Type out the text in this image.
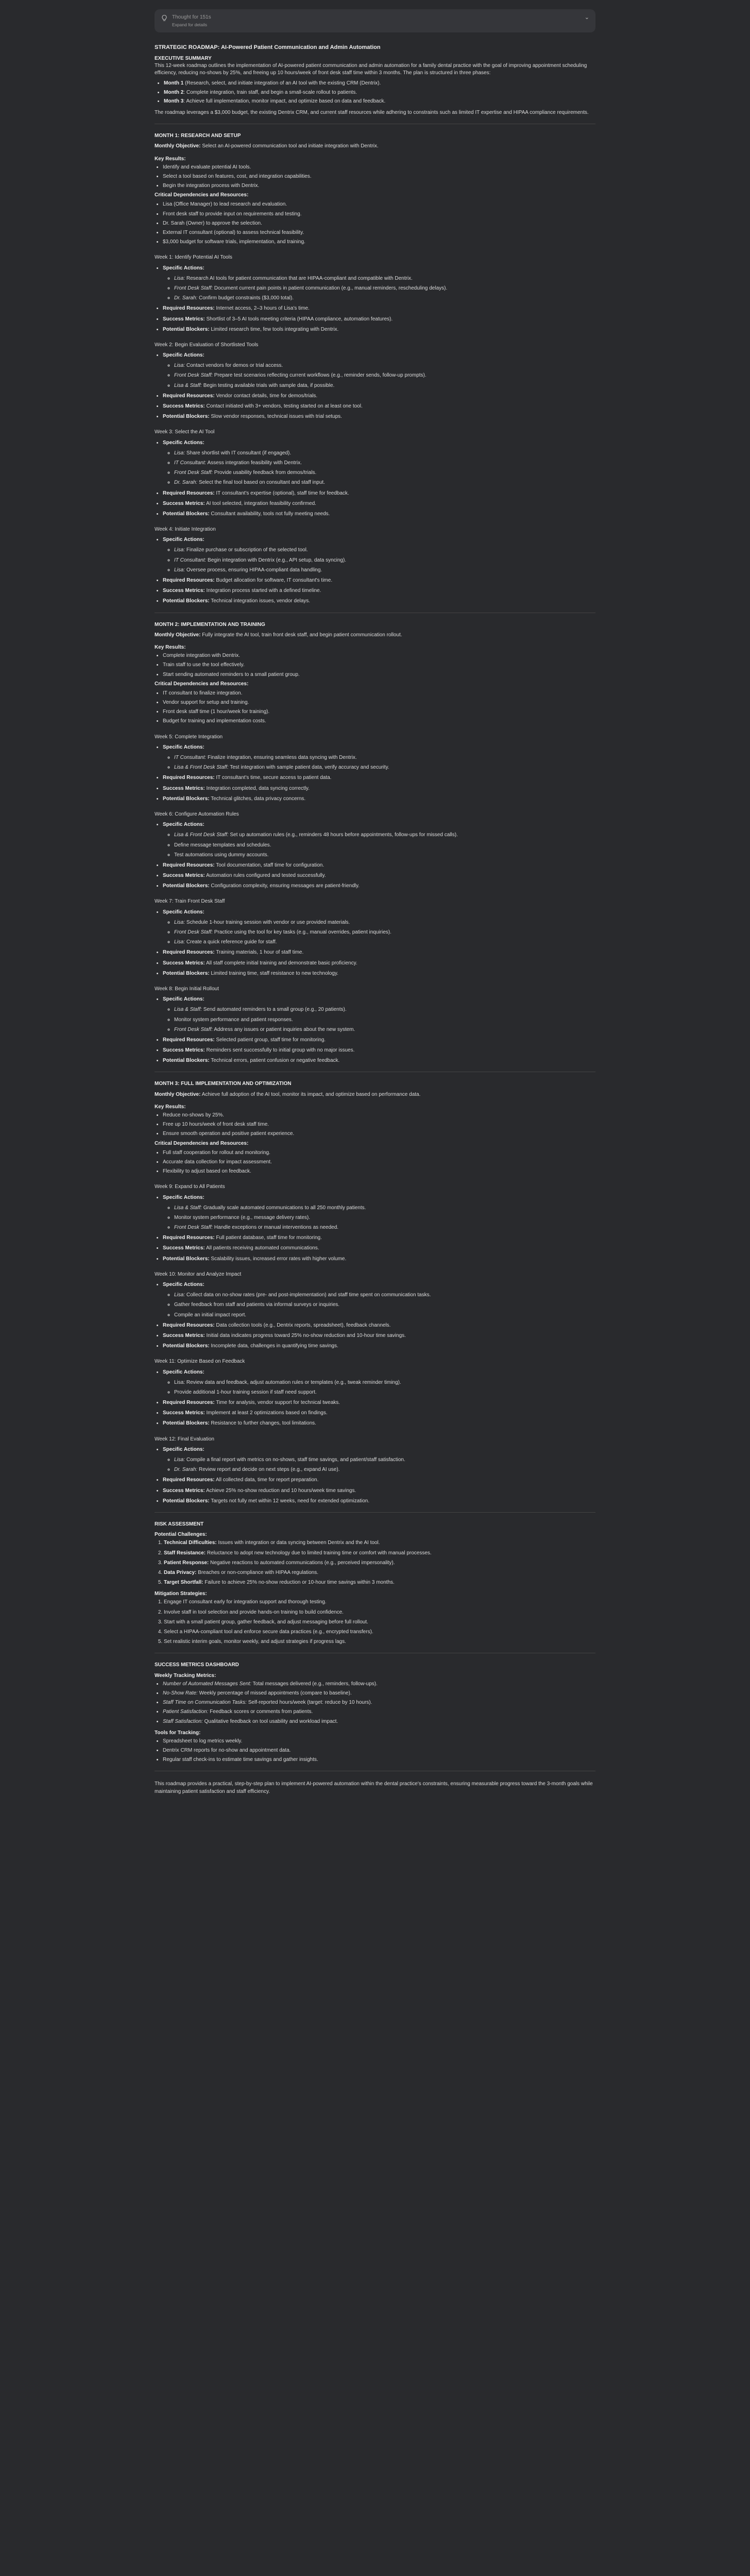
Thought for 151s
Expand for details
⌄
STRATEGIC ROADMAP: AI-Powered Patient Communication and Admin Automation
EXECUTIVE SUMMARY

This 12-week roadmap outlines the implementation of AI-powered patient communication and admin automation for a family dental practice with the goal of improving appointment scheduling efficiency, reducing no-shows by 25%, and freeing up 10 hours/week of front desk staff time within 3 months. The plan is structured in three phases:

• Month 1 (Research, select, and initiate integration of an AI tool with the existing CRM (Dentrix).
• Month 2: Complete integration, train staff, and begin a small-scale rollout to patients.
• Month 3: Achieve full implementation, monitor impact, and optimize based on data and feedback.

The roadmap leverages a $3,000 budget, the existing Dentrix CRM, and current staff resources while adhering to constraints such as limited IT expertise and HIPAA compliance requirements.

MONTH 1: RESEARCH AND SETUP

Monthly Objective: Select an AI-powered communication tool and initiate integration with Dentrix.

Key Results:
• Identify and evaluate potential AI tools.
• Select a tool based on features, cost, and integration capabilities.
• Begin the integration process with Dentrix.
Critical Dependencies and Resources:
• Lisa (Office Manager) to lead research and evaluation.
• Front desk staff to provide input on requirements and testing.
• Dr. Sarah (Owner) to approve the selection.
• External IT consultant (optional) to assess technical feasibility.
• $3,000 budget for software trials, implementation, and training.
Week 1: Identify Potential AI Tools
• Specific Actions:
◦ Lisa: Research AI tools for patient communication that are HIPAA-compliant and compatible with Dentrix.
◦ Front Desk Staff: Document current pain points in patient communication (e.g., manual reminders, rescheduling delays).
◦ Dr. Sarah: Confirm budget constraints ($3,000 total).
• Required Resources: Internet access, 2–3 hours of Lisa's time.
• Success Metrics: Shortlist of 3–5 AI tools meeting criteria (HIPAA compliance, automation features).
• Potential Blockers: Limited research time, few tools integrating with Dentrix.
Week 2: Begin Evaluation of Shortlisted Tools
• Specific Actions:
◦ Lisa: Contact vendors for demos or trial access.
◦ Front Desk Staff: Prepare test scenarios reflecting current workflows (e.g., reminder sends, follow-up prompts).
◦ Lisa & Staff: Begin testing available trials with sample data, if possible.
• Required Resources: Vendor contact details, time for demos/trials.
• Success Metrics: Contact initiated with 3+ vendors, testing started on at least one tool.
• Potential Blockers: Slow vendor responses, technical issues with trial setups.
Week 3: Select the AI Tool
• Specific Actions:
◦ Lisa: Share shortlist with IT consultant (if engaged).
◦ IT Consultant: Assess integration feasibility with Dentrix.
◦ Front Desk Staff: Provide usability feedback from demos/trials.
◦ Dr. Sarah: Select the final tool based on consultant and staff input.
• Required Resources: IT consultant's expertise (optional), staff time for feedback.
• Success Metrics: AI tool selected, integration feasibility confirmed.
• Potential Blockers: Consultant availability, tools not fully meeting needs.
Week 4: Initiate Integration
• Specific Actions:
◦ Lisa: Finalize purchase or subscription of the selected tool.
◦ IT Consultant: Begin integration with Dentrix (e.g., API setup, data syncing).
◦ Lisa: Oversee process, ensuring HIPAA-compliant data handling.
• Required Resources: Budget allocation for software, IT consultant's time.
• Success Metrics: Integration process started with a defined timeline.
• Potential Blockers: Technical integration issues, vendor delays.
MONTH 2: IMPLEMENTATION AND TRAINING

Monthly Objective: Fully integrate the AI tool, train front desk staff, and begin patient communication rollout.

Key Results:
• Complete integration with Dentrix.
• Train staff to use the tool effectively.
• Start sending automated reminders to a small patient group.
Critical Dependencies and Resources:
• IT consultant to finalize integration.
• Vendor support for setup and training.
• Front desk staff time (1 hour/week for training).
• Budget for training and implementation costs.
Week 5: Complete Integration
• Specific Actions:
◦ IT Consultant: Finalize integration, ensuring seamless data syncing with Dentrix.
◦ Lisa & Front Desk Staff: Test integration with sample patient data, verify accuracy and security.
• Required Resources: IT consultant's time, secure access to patient data.
• Success Metrics: Integration completed, data syncing correctly.
• Potential Blockers: Technical glitches, data privacy concerns.
Week 6: Configure Automation Rules
• Specific Actions:
◦ Lisa & Front Desk Staff: Set up automation rules (e.g., reminders 48 hours before appointments, follow-ups for missed calls).
◦ Define message templates and schedules.
◦ Test automations using dummy accounts.
• Required Resources: Tool documentation, staff time for configuration.
• Success Metrics: Automation rules configured and tested successfully.
• Potential Blockers: Configuration complexity, ensuring messages are patient-friendly.
Week 7: Train Front Desk Staff
• Specific Actions:
◦ Lisa: Schedule 1-hour training session with vendor or use provided materials.
◦ Front Desk Staff: Practice using the tool for key tasks (e.g., manual overrides, patient inquiries).
◦ Lisa: Create a quick reference guide for staff.
• Required Resources: Training materials, 1 hour of staff time.
• Success Metrics: All staff complete initial training and demonstrate basic proficiency.
• Potential Blockers: Limited training time, staff resistance to new technology.
Week 8: Begin Initial Rollout
• Specific Actions:
◦ Lisa & Staff: Send automated reminders to a small group (e.g., 20 patients).
◦ Monitor system performance and patient responses.
◦ Front Desk Staff: Address any issues or patient inquiries about the new system.
• Required Resources: Selected patient group, staff time for monitoring.
• Success Metrics: Reminders sent successfully to initial group with no major issues.
• Potential Blockers: Technical errors, patient confusion or negative feedback.
MONTH 3: FULL IMPLEMENTATION AND OPTIMIZATION

Monthly Objective: Achieve full adoption of the AI tool, monitor its impact, and optimize based on performance data.

Key Results:
• Reduce no-shows by 25%.
• Free up 10 hours/week of front desk staff time.
• Ensure smooth operation and positive patient experience.
Critical Dependencies and Resources:
• Full staff cooperation for rollout and monitoring.
• Accurate data collection for impact assessment.
• Flexibility to adjust based on feedback.
Week 9: Expand to All Patients
• Specific Actions:
◦ Lisa & Staff: Gradually scale automated communications to all 250 monthly patients.
◦ Monitor system performance (e.g., message delivery rates).
◦ Front Desk Staff: Handle exceptions or manual interventions as needed.
• Required Resources: Full patient database, staff time for monitoring.
• Success Metrics: All patients receiving automated communications.
• Potential Blockers: Scalability issues, increased error rates with higher volume.
Week 10: Monitor and Analyze Impact
• Specific Actions:
◦ Lisa: Collect data on no-show rates (pre- and post-implementation) and staff time spent on communication tasks.
◦ Gather feedback from staff and patients via informal surveys or inquiries.
◦ Compile an initial impact report.
• Required Resources: Data collection tools (e.g., Dentrix reports, spreadsheet), feedback channels.
• Success Metrics: Initial data indicates progress toward 25% no-show reduction and 10-hour time savings.
• Potential Blockers: Incomplete data, challenges in quantifying time savings.
Week 11: Optimize Based on Feedback
• Specific Actions:
◦ Lisa: Review data and feedback, adjust automation rules or templates (e.g., tweak reminder timing).
◦ Provide additional 1-hour training session if staff need support.
• Required Resources: Time for analysis, vendor support for technical tweaks.
• Success Metrics: Implement at least 2 optimizations based on findings.
• Potential Blockers: Resistance to further changes, tool limitations.
Week 12: Final Evaluation
• Specific Actions:
◦ Lisa: Compile a final report with metrics on no-shows, staff time savings, and patient/staff satisfaction.
◦ Dr. Sarah: Review report and decide on next steps (e.g., expand AI use).
• Required Resources: All collected data, time for report preparation.
• Success Metrics: Achieve 25% no-show reduction and 10 hours/week time savings.
• Potential Blockers: Targets not fully met within 12 weeks, need for extended optimization.
RISK ASSESSMENT
Potential Challenges:
1. Technical Difficulties: Issues with integration or data syncing between Dentrix and the AI tool.
2. Staff Resistance: Reluctance to adopt new technology due to limited training time or comfort with manual processes.
3. Patient Response: Negative reactions to automated communications (e.g., perceived impersonality).
4. Data Privacy: Breaches or non-compliance with HIPAA regulations.
5. Target Shortfall: Failure to achieve 25% no-show reduction or 10-hour time savings within 3 months.
Mitigation Strategies:
1. Engage IT consultant early for integration support and thorough testing.
2. Involve staff in tool selection and provide hands-on training to build confidence.
3. Start with a small patient group, gather feedback, and adjust messaging before full rollout.
4. Select a HIPAA-compliant tool and enforce secure data practices (e.g., encrypted transfers).
5. Set realistic interim goals, monitor weekly, and adjust strategies if progress lags.
SUCCESS METRICS DASHBOARD
Weekly Tracking Metrics:
• Number of Automated Messages Sent: Total messages delivered (e.g., reminders, follow-ups).
• No-Show Rate: Weekly percentage of missed appointments (compare to baseline).
• Staff Time on Communication Tasks: Self-reported hours/week (target: reduce by 10 hours).
• Patient Satisfaction: Feedback scores or comments from patients.
• Staff Satisfaction: Qualitative feedback on tool usability and workload impact.
Tools for Tracking:
• Spreadsheet to log metrics weekly.
• Dentrix CRM reports for no-show and appointment data.
• Regular staff check-ins to estimate time savings and gather insights.

This roadmap provides a practical, step-by-step plan to implement AI-powered automation within the dental practice's constraints, ensuring measurable progress toward the 3-month goals while maintaining patient satisfaction and staff efficiency.
